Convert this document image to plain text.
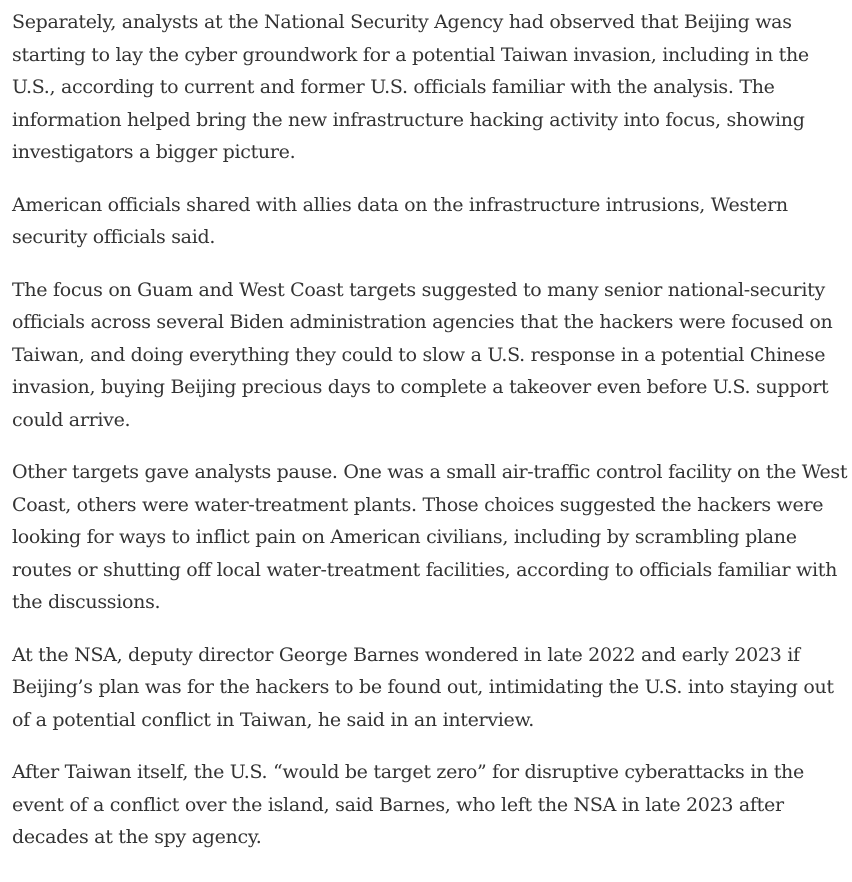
Separately, analysts at the National Security Agency had observed that Beijing was starting to lay the cyber groundwork for a potential Taiwan invasion, including in the U.S., according to current and former U.S. officials familiar with the analysis. The information helped bring the new infrastructure hacking activity into focus, showing investigators a bigger picture.

American officials shared with allies data on the infrastructure intrusions, Western security officials said.

The focus on Guam and West Coast targets suggested to many senior national-security officials across several Biden administration agencies that the hackers were focused on Taiwan, and doing everything they could to slow a U.S. response in a potential Chinese invasion, buying Beijing precious days to complete a takeover even before U.S. support could arrive.

Other targets gave analysts pause. One was a small air-traffic control facility on the West Coast, others were water-treatment plants. Those choices suggested the hackers were looking for ways to inflict pain on American civilians, including by scrambling plane routes or shutting off local water-treatment facilities, according to officials familiar with the discussions.

At the NSA, deputy director George Barnes wondered in late 2022 and early 2023 if Beijing’s plan was for the hackers to be found out, intimidating the U.S. into staying out of a potential conflict in Taiwan, he said in an interview.

After Taiwan itself, the U.S. “would be target zero” for disruptive cyberattacks in the event of a conflict over the island, said Barnes, who left the NSA in late 2023 after decades at the spy agency.
